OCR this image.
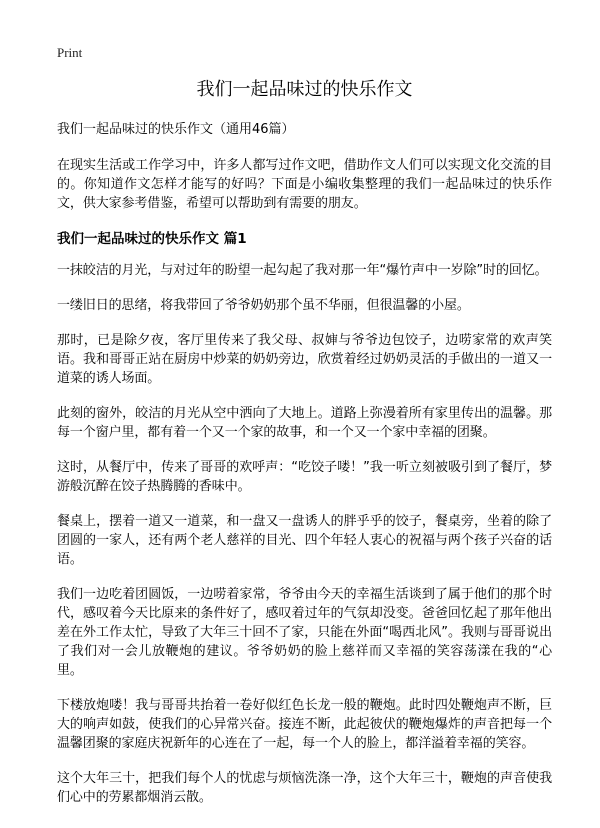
Print
我们一起品味过的快乐作文

我们一起品味过的快乐作文（通用46篇）

在现实生活或工作学习中，许多人都写过作文吧，借助作文人们可以实现文化交流的目的。你知道作文怎样才能写的好吗？下面是小编收集整理的我们一起品味过的快乐作文，供大家参考借鉴，希望可以帮助到有需要的朋友。

我们一起品味过的快乐作文 篇1

一抹皎洁的月光，与对过年的盼望一起勾起了我对那一年“爆竹声中一岁除”时的回忆。

一缕旧日的思绪，将我带回了爷爷奶奶那个虽不华丽，但很温馨的小屋。

那时，已是除夕夜，客厅里传来了我父母、叔婶与爷爷边包饺子，边唠家常的欢声笑语。我和哥哥正站在厨房中炒菜的奶奶旁边，欣赏着经过奶奶灵活的手做出的一道又一道菜的诱人场面。

此刻的窗外，皎洁的月光从空中洒向了大地上。道路上弥漫着所有家里传出的温馨。那每一个窗户里，都有着一个又一个家的故事，和一个又一个家中幸福的团聚。

这时，从餐厅中，传来了哥哥的欢呼声：“吃饺子喽！”我一听立刻被吸引到了餐厅，梦游般沉醉在饺子热腾腾的香味中。

餐桌上，摆着一道又一道菜，和一盘又一盘诱人的胖乎乎的饺子，餐桌旁，坐着的除了团圆的一家人，还有两个老人慈祥的目光、四个年轻人衷心的祝福与两个孩子兴奋的话语。

我们一边吃着团圆饭，一边唠着家常，爷爷由今天的幸福生活谈到了属于他们的那个时代，感叹着今天比原来的条件好了，感叹着过年的气氛却没变。爸爸回忆起了那年他出差在外工作太忙，导致了大年三十回不了家，只能在外面“喝西北风”。我则与哥哥说出了我们对一会儿放鞭炮的建议。爷爷奶奶的脸上慈祥而又幸福的笑容荡漾在我的“心里。

下楼放炮喽！我与哥哥共抬着一卷好似红色长龙一般的鞭炮。此时四处鞭炮声不断，巨大的响声如鼓，使我们的心异常兴奋。接连不断，此起彼伏的鞭炮爆炸的声音把每一个温馨团聚的家庭庆祝新年的心连在了一起，每一个人的脸上，都洋溢着幸福的笑容。

这个大年三十，把我们每个人的忧虑与烦恼洗涤一净，这个大年三十，鞭炮的声音使我们心中的劳累都烟消云散。
